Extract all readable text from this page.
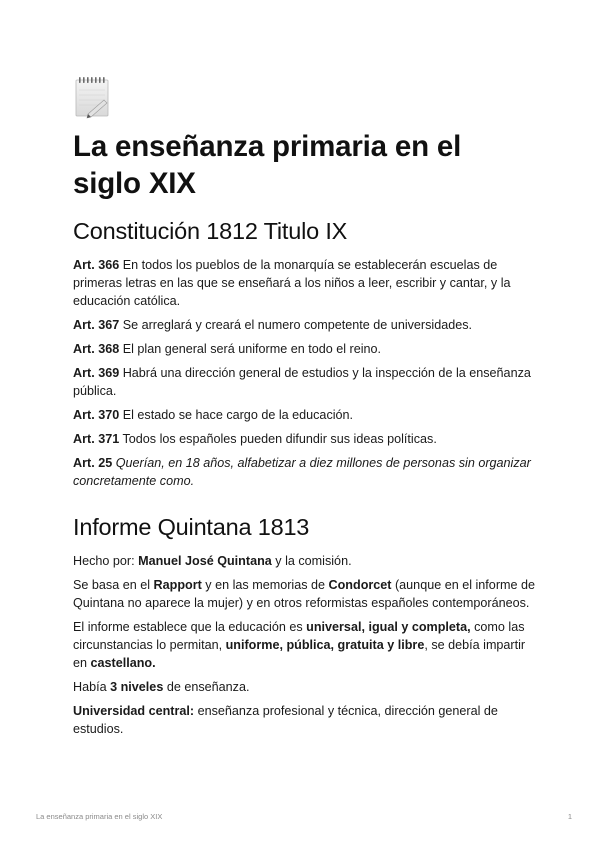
La enseñanza primaria en el siglo XIX
Constitución 1812 Titulo IX

Art. 366 En todos los pueblos de la monarquía se establecerán escuelas de primeras letras en las que se enseñará a los niños a leer, escribir y cantar, y la educación católica.

Art. 367 Se arreglará y creará el numero competente de universidades.

Art. 368 El plan general será uniforme en todo el reino.

Art. 369 Habrá una dirección general de estudios y la inspección de la enseñanza pública.

Art. 370 El estado se hace cargo de la educación.

Art. 371 Todos los españoles pueden difundir sus ideas políticas.

Art. 25 Querían, en 18 años, alfabetizar a diez millones de personas sin organizar concretamente como.

Informe Quintana 1813

Hecho por: Manuel José Quintana y la comisión.

Se basa en el Rapport y en las memorias de Condorcet (aunque en el informe de Quintana no aparece la mujer) y en otros reformistas españoles contemporáneos.

El informe establece que la educación es universal, igual y completa, como las circunstancias lo permitan, uniforme, pública, gratuita y libre, se debía impartir en castellano.

Había 3 niveles de enseñanza.

Universidad central: enseñanza profesional y técnica, dirección general de estudios.

La enseñanza primaria en el siglo XIX	1
